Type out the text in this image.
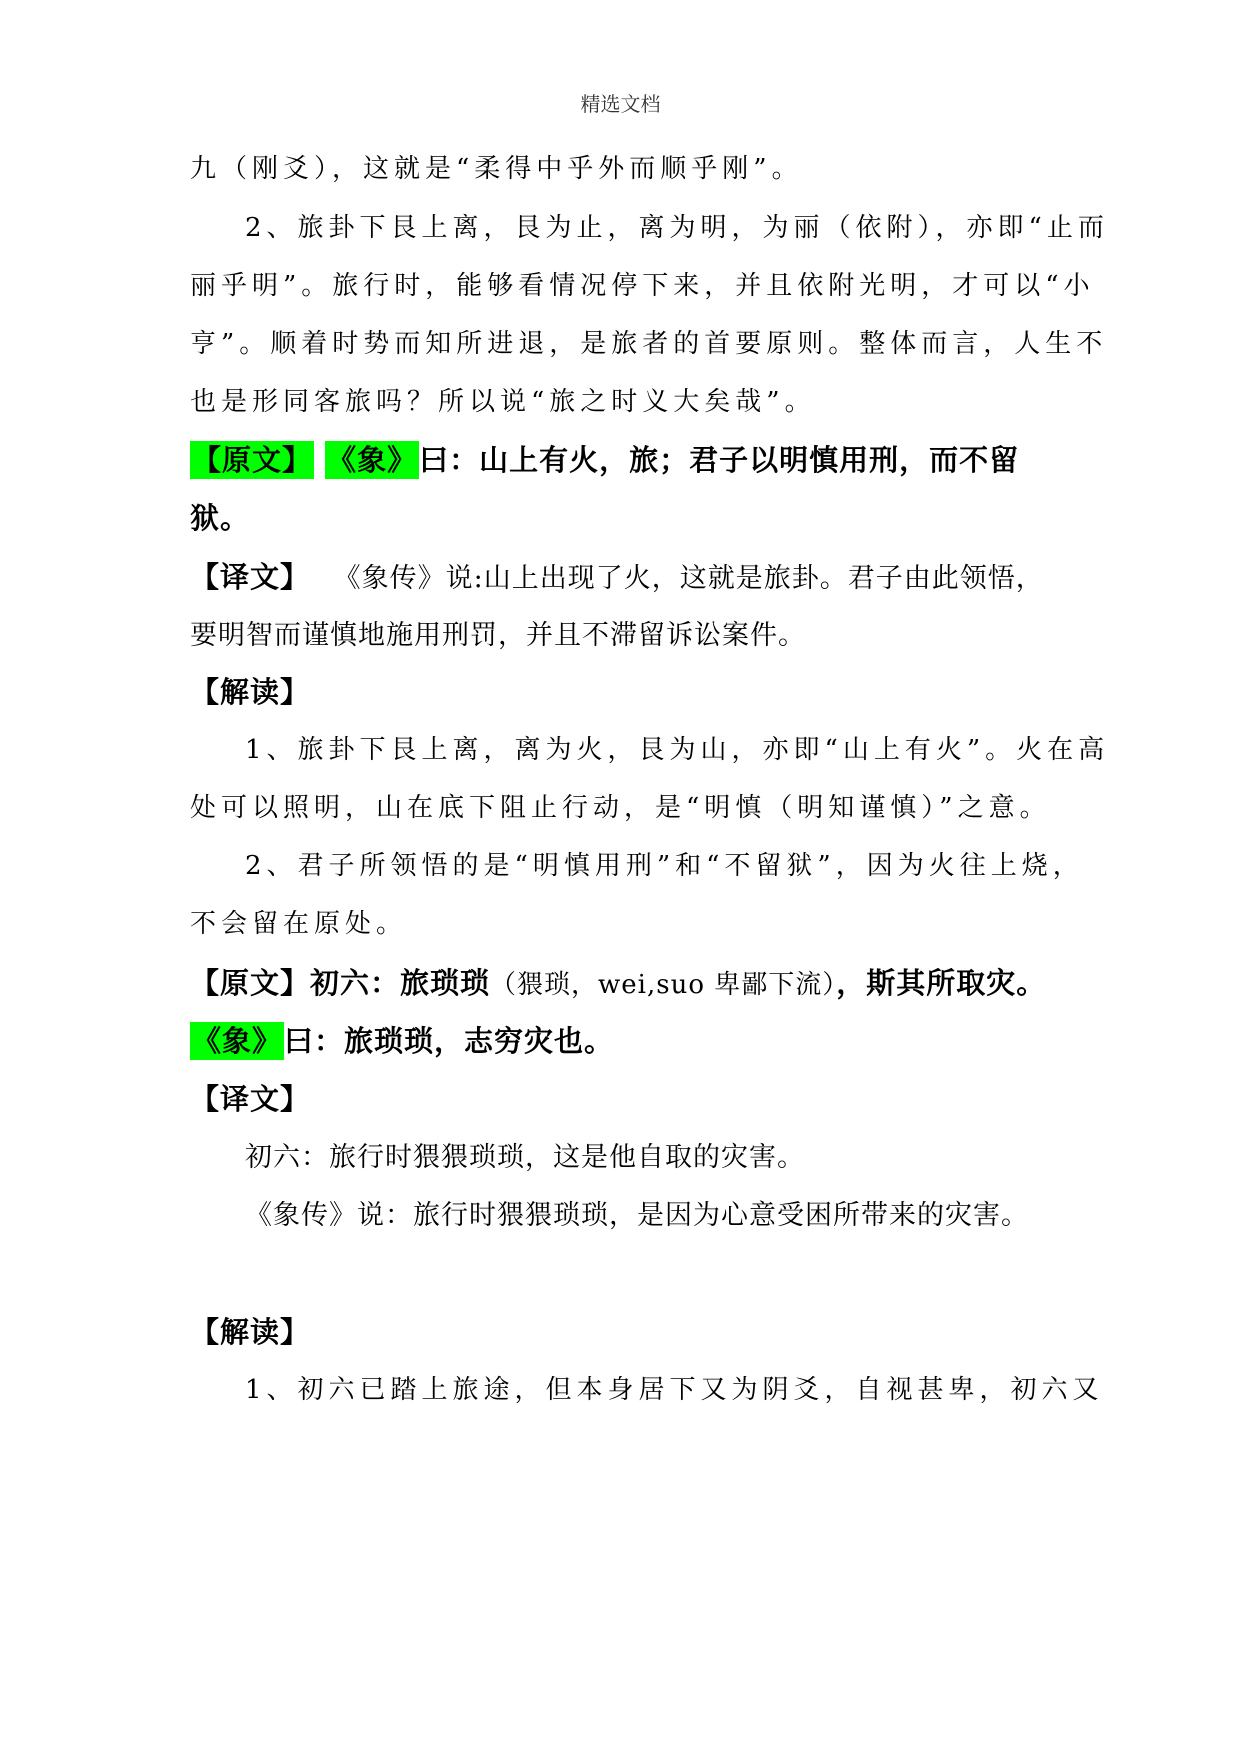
精选文档
九（刚爻），这就是“柔得中乎外而顺乎刚”。
2、旅卦下艮上离，艮为止，离为明，为丽（依附），亦即“止而
丽乎明”。旅行时，能够看情况停下来，并且依附光明，才可以“小
亨”。顺着时势而知所进退，是旅者的首要原则。整体而言，人生不
也是形同客旅吗？所以说“旅之时义大矣哉”。
【原文】 《象》曰：山上有火，旅；君子以明慎用刑，而不留
狱。
【译文】 《象传》说:山上出现了火，这就是旅卦。君子由此领悟，
要明智而谨慎地施用刑罚，并且不滞留诉讼案件。
【解读】
1、旅卦下艮上离，离为火，艮为山，亦即“山上有火”。火在高
处可以照明，山在底下阻止行动，是“明慎（明知谨慎）”之意。
2、君子所领悟的是“明慎用刑”和“不留狱”，因为火往上烧，
不会留在原处。
【原文】初六：旅琐琐（猥琐，wei,suo 卑鄙下流），斯其所取灾。
《象》曰：旅琐琐，志穷灾也。
【译文】
初六：旅行时猥猥琐琐，这是他自取的灾害。
《象传》说：旅行时猥猥琐琐，是因为心意受困所带来的灾害。
【解读】
1、初六已踏上旅途，但本身居下又为阴爻，自视甚卑，初六又
